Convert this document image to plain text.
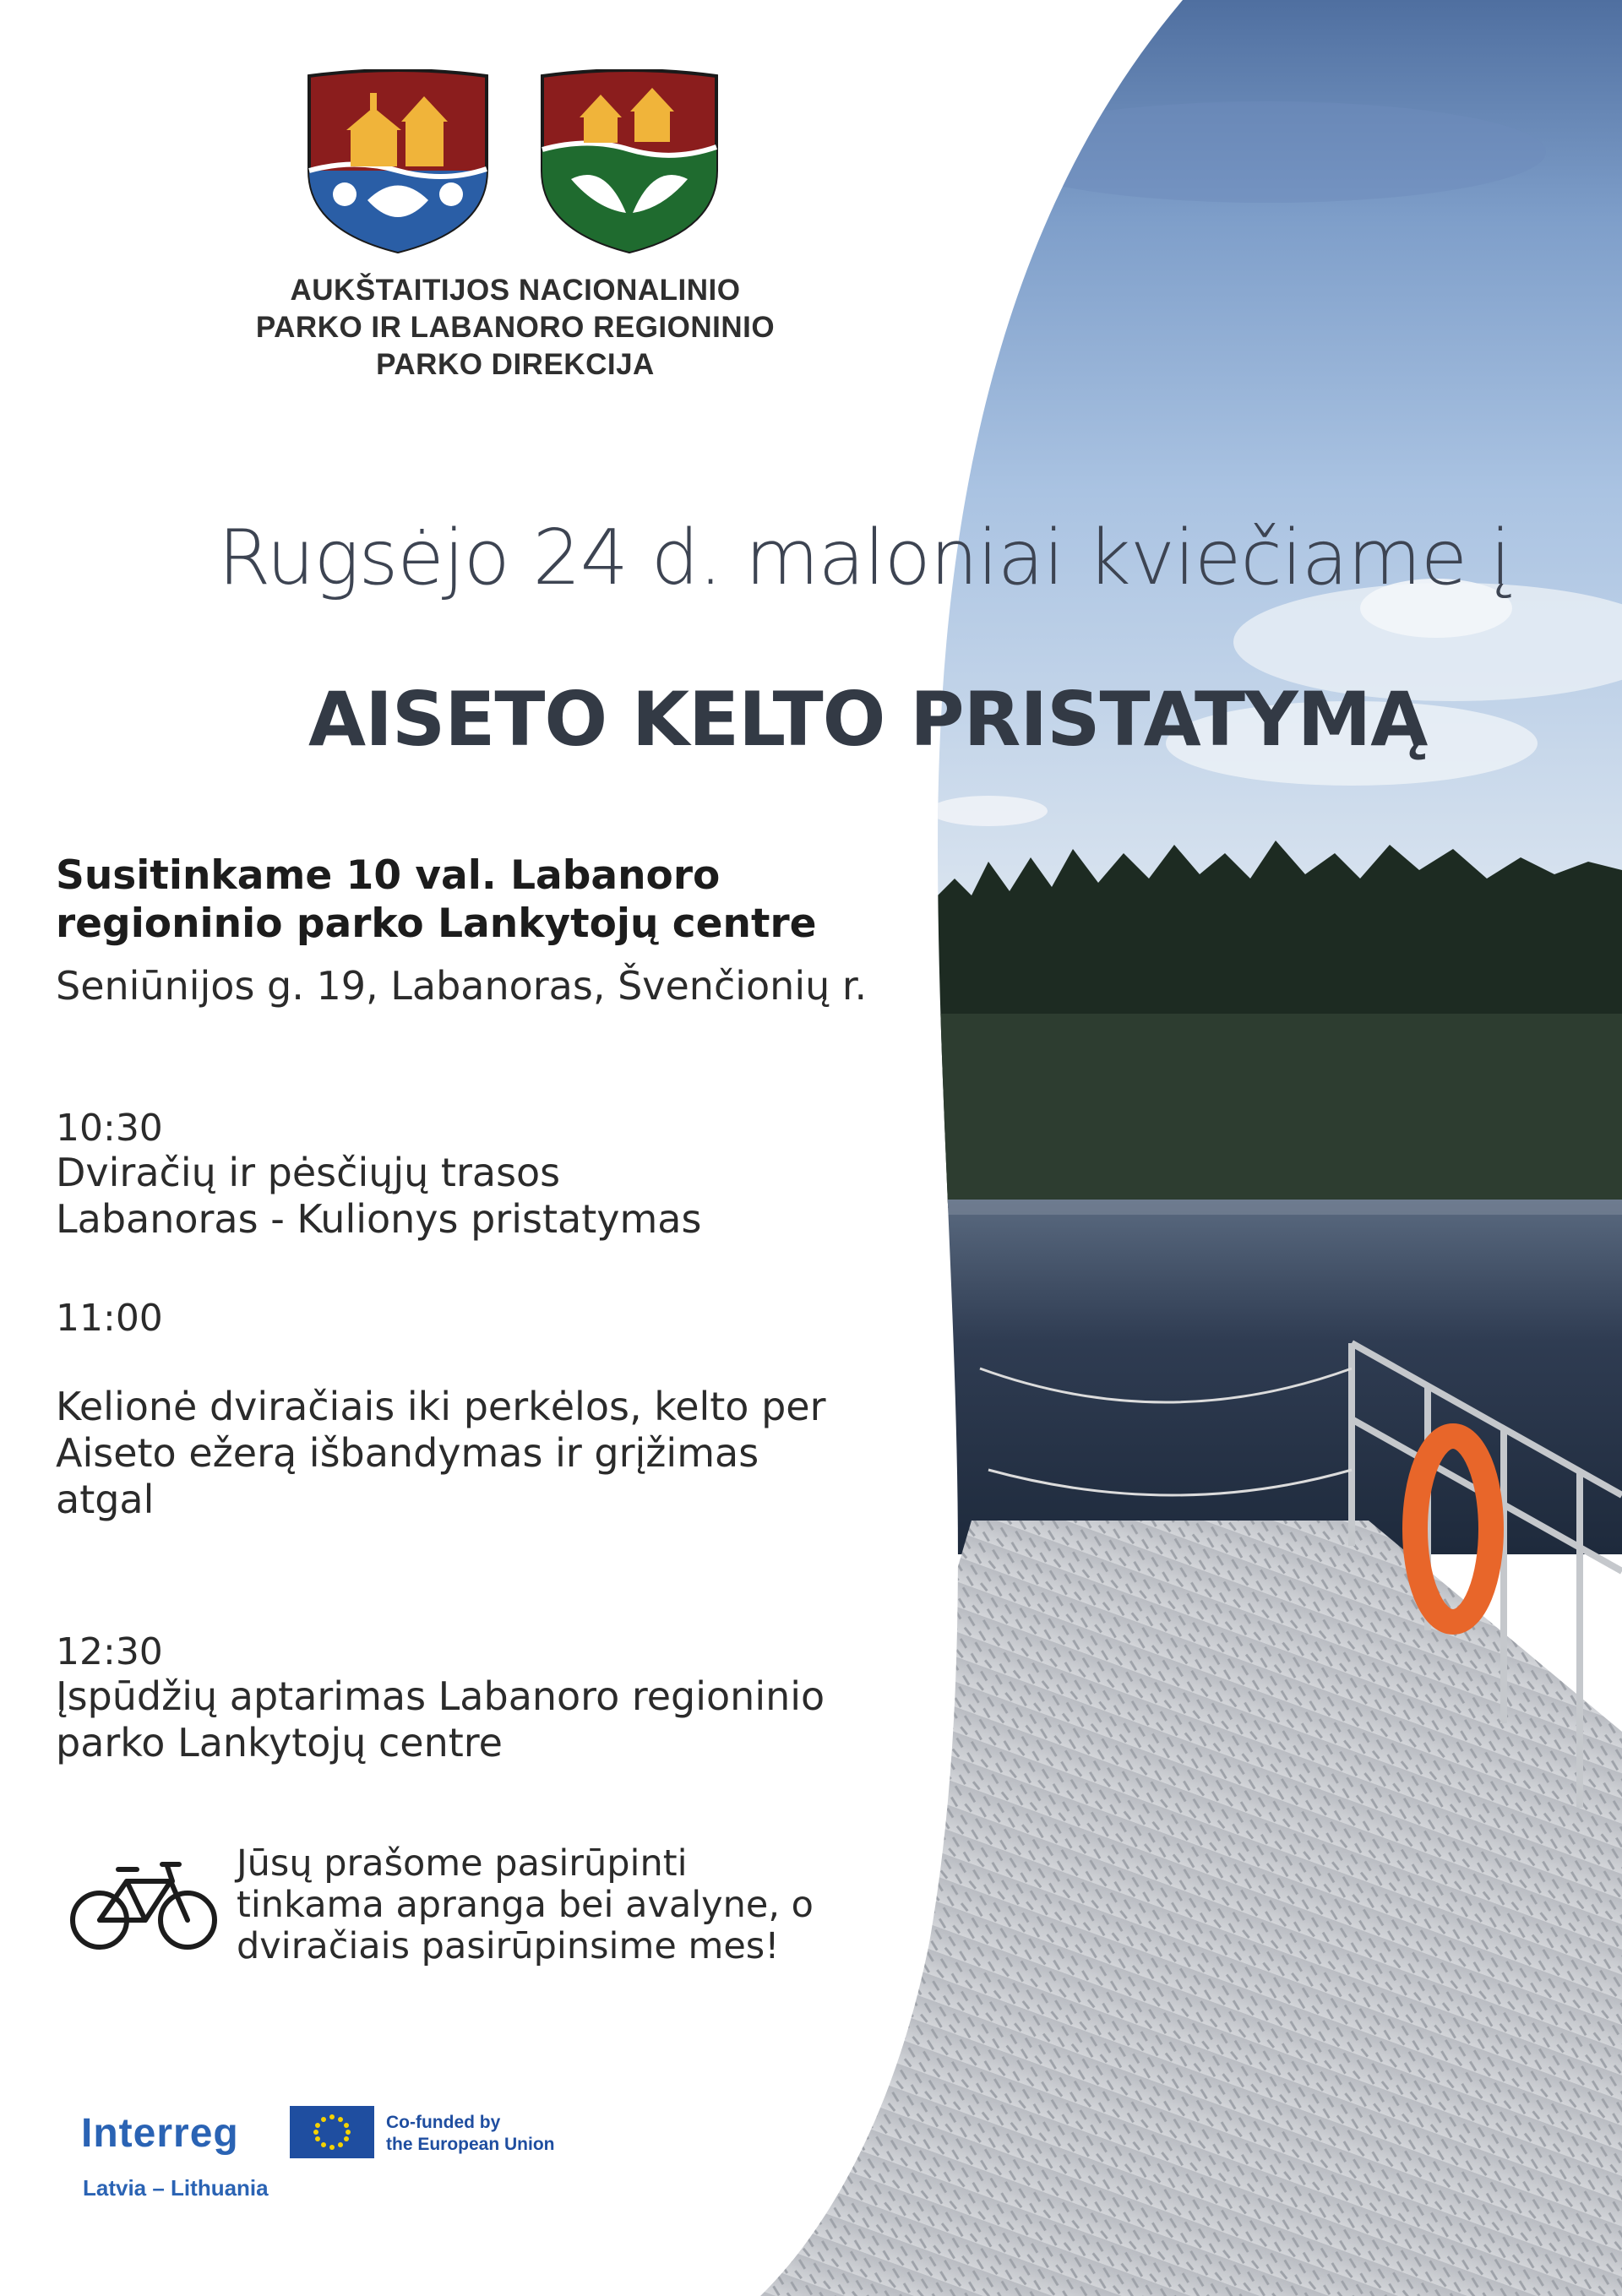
AUKŠTAITIJOS NACIONALINIO
PARKO IR LABANORO REGIONINIO
PARKO DIREKCIJA
Rugsėjo 24 d. maloniai kviečiame į
AISETO KELTO PRISTATYMĄ
Susitinkame 10 val. Labanoro
regioninio parko Lankytojų centre
Seniūnijos g. 19, Labanoras, Švenčionių r.
10:30
Dviračių ir pėsčiųjų trasos
Labanoras - Kulionys pristatymas
11:00
Kelionė dviračiais iki perkėlos, kelto per
Aiseto ežerą išbandymas ir grįžimas
atgal
12:30
Įspūdžių aptarimas Labanoro regioninio
parko Lankytojų centre
Jūsų prašome pasirūpinti
tinkama apranga bei avalyne, o
dviračiais pasirūpinsime mes!
Interreg
Latvia – Lithuania
Co-funded by
the European Union
